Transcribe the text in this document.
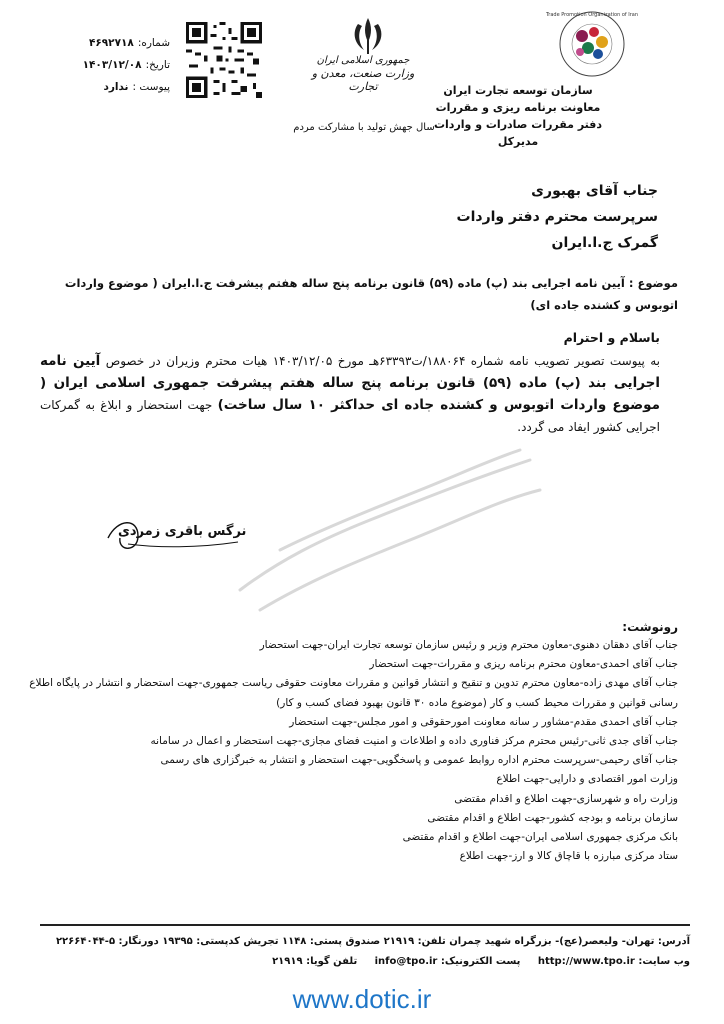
Trade Promotion Organization of Iran
سازمان توسعه تجارت ایران
معاونت برنامه ریزی و مقررات
دفتر مقررات صادرات و واردات
مدیرکل
جمهوری اسلامی ایران
وزارت صنعت، معدن و تجارت
سال جهش تولید با مشارکت مردم
شماره:
۴۶۹۲۷۱۸
تاریخ:
۱۴۰۳/۱۲/۰۸
پیوست :
ندارد
جناب آقای بهبوری
سرپرست محترم دفتر واردات
گمرک ج.ا.ایران
موضوع : آیین نامه اجرایی بند (پ) ماده (۵۹) قانون برنامه پنج ساله هفتم پیشرفت ج.ا.ایران ( موضوع واردات اتوبوس و کشنده جاده ای)
باسلام و احترام
به پیوست تصویر تصویب نامه شماره ۱۸۸۰۶۴/ت۶۳۳۹۳هـ مورخ ۱۴۰۳/۱۲/۰۵ هیات محترم وزیران در خصوص آیین نامه اجرایی بند (پ) ماده (۵۹) قانون برنامه پنج ساله هفتم پیشرفت جمهوری اسلامی ایران ( موضوع واردات اتوبوس و کشنده جاده ای حداکثر ۱۰ سال ساخت) جهت استحضار و ابلاغ به گمرکات اجرایی کشور ایفاد می گردد.
نرگس باقری زمردی
رونوشت:
جناب آقای دهقان دهنوی-معاون محترم وزیر و رئیس سازمان توسعه تجارت ایران-جهت استحضار
جناب آقای احمدی-معاون محترم برنامه ریزی و مقررات-جهت استحضار
جناب آقای مهدی زاده-معاون محترم تدوین و تنقیح و انتشار قوانین و مقررات معاونت حقوقی ریاست جمهوری-جهت استحضار و انتشار در پایگاه اطلاع رسانی قوانین و مقررات محیط کسب و کار (موضوع ماده ۳۰ قانون بهبود فضای کسب و کار)
جناب آقای احمدی مقدم-مشاور ر سانه معاونت امورحقوقی و امور مجلس-جهت استحضار
جناب آقای جدی ثانی-رئیس محترم مرکز فناوری داده و اطلاعات و امنیت فضای مجازی-جهت استحضار و اعمال در سامانه
جناب آقای رحیمی-سرپرست محترم اداره روابط عمومی و پاسخگویی-جهت استحضار و انتشار به خبرگزاری های رسمی
وزارت امور اقتصادی و دارایی-جهت اطلاع
وزارت راه و شهرسازی-جهت اطلاع و اقدام مقتضی
سازمان برنامه و بودجه کشور-جهت اطلاع و اقدام مقتضی
بانک مرکزی جمهوری اسلامی ایران-جهت اطلاع و اقدام مقتضی
ستاد مرکزی مبارزه با قاچاق کالا و ارز-جهت اطلاع
آدرس: تهران- ولیعصر(عج)- بزرگراه شهید چمران تلفن: ۲۱۹۱۹ صندوق پستی: ۱۱۴۸ تجریش کدپستی: ۱۹۳۹۵ دورنگار: ۵-۲۲۶۶۴۰۴۴
وب سایت: http://www.tpo.ir     پست الکترونیک: info@tpo.ir     تلفن گویا: ۲۱۹۱۹
www.dotic.ir
